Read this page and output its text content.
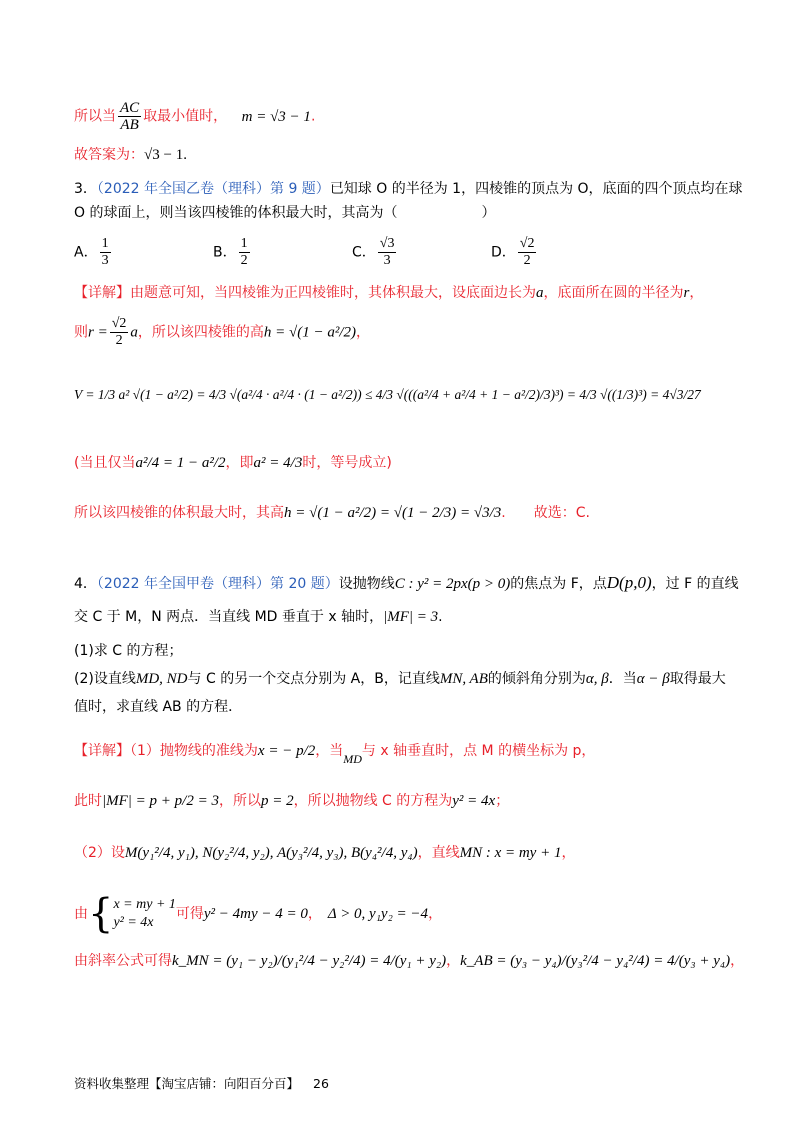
所以当 $\frac{AC}{AB}$ 取最小值时， m = √3 − 1.
故答案为：√3 − 1.
3．（2022 年全国乙卷（理科）第 9 题）已知球 O 的半径为 1，四棱锥的顶点为 O，底面的四个顶点均在球
O 的球面上，则当该四棱锥的体积最大时，其高为（　　　　　　）
A． $\frac{1}{3}$	B． $\frac{1}{2}$	C． $\frac{√3}{3}$	D． $\frac{√2}{2}$
【详解】由题意可知，当四棱锥为正四棱锥时，其体积最大，设底面边长为a，底面所在圆的半径为r，
则$r = \frac{√2}{2}$ a，所以该四棱锥的高h = √(1 − a²/2)，
V = 1/3 a² √(1 − a²/2) = 4/3 √(a²/4 · a²/4 · (1 − a²/2)) ≤ 4/3 √(((a²/4 + a²/4 + 1 − a²/2)/3)³) = 4/3 √((1/3)³) = 4√3/27
(当且仅当a²/4 = 1 − a²/2，即a² = 4/3时，等号成立)
所以该四棱锥的体积最大时，其高h = √(1 − a²/2) = √(1 − 2/3) = √3/3.　　故选：C.
4．（2022 年全国甲卷（理科）第 20 题）设抛物线C : y² = 2px(p > 0)的焦点为 F，点D(p,0)，过 F 的直线
交 C 于 M，N 两点．当直线 MD 垂直于 x 轴时，|MF| = 3.
(1)求 C 的方程；
(2)设直线MD, ND与 C 的另一个交点分别为 A，B，记直线MN, AB的倾斜角分别为α, β．当α − β取得最大
值时，求直线 AB 的方程．
【详解】（1）抛物线的准线为x = − p/2，当MD与 x 轴垂直时，点 M 的横坐标为 p，
此时|MF| = p + p/2 = 3，所以p = 2，所以抛物线 C 的方程为y² = 4x；
（2）设M(y₁²/4, y₁), N(y₂²/4, y₂), A(y₃²/4, y₃), B(y₄²/4, y₄)，直线MN : x = my + 1，
由{ x = my + 1
y² = 4x
可得y² − 4my − 4 = 0， Δ > 0, y₁y₂ = −4，
由斜率公式可得k_MN = (y₁ − y₂)/(y₁²/4 − y₂²/4) = 4/(y₁ + y₂)，k_AB = (y₃ − y₄)/(y₃²/4 − y₄²/4) = 4/(y₃ + y₄)，
资料收集整理【淘宝店铺：向阳百分百】 26
